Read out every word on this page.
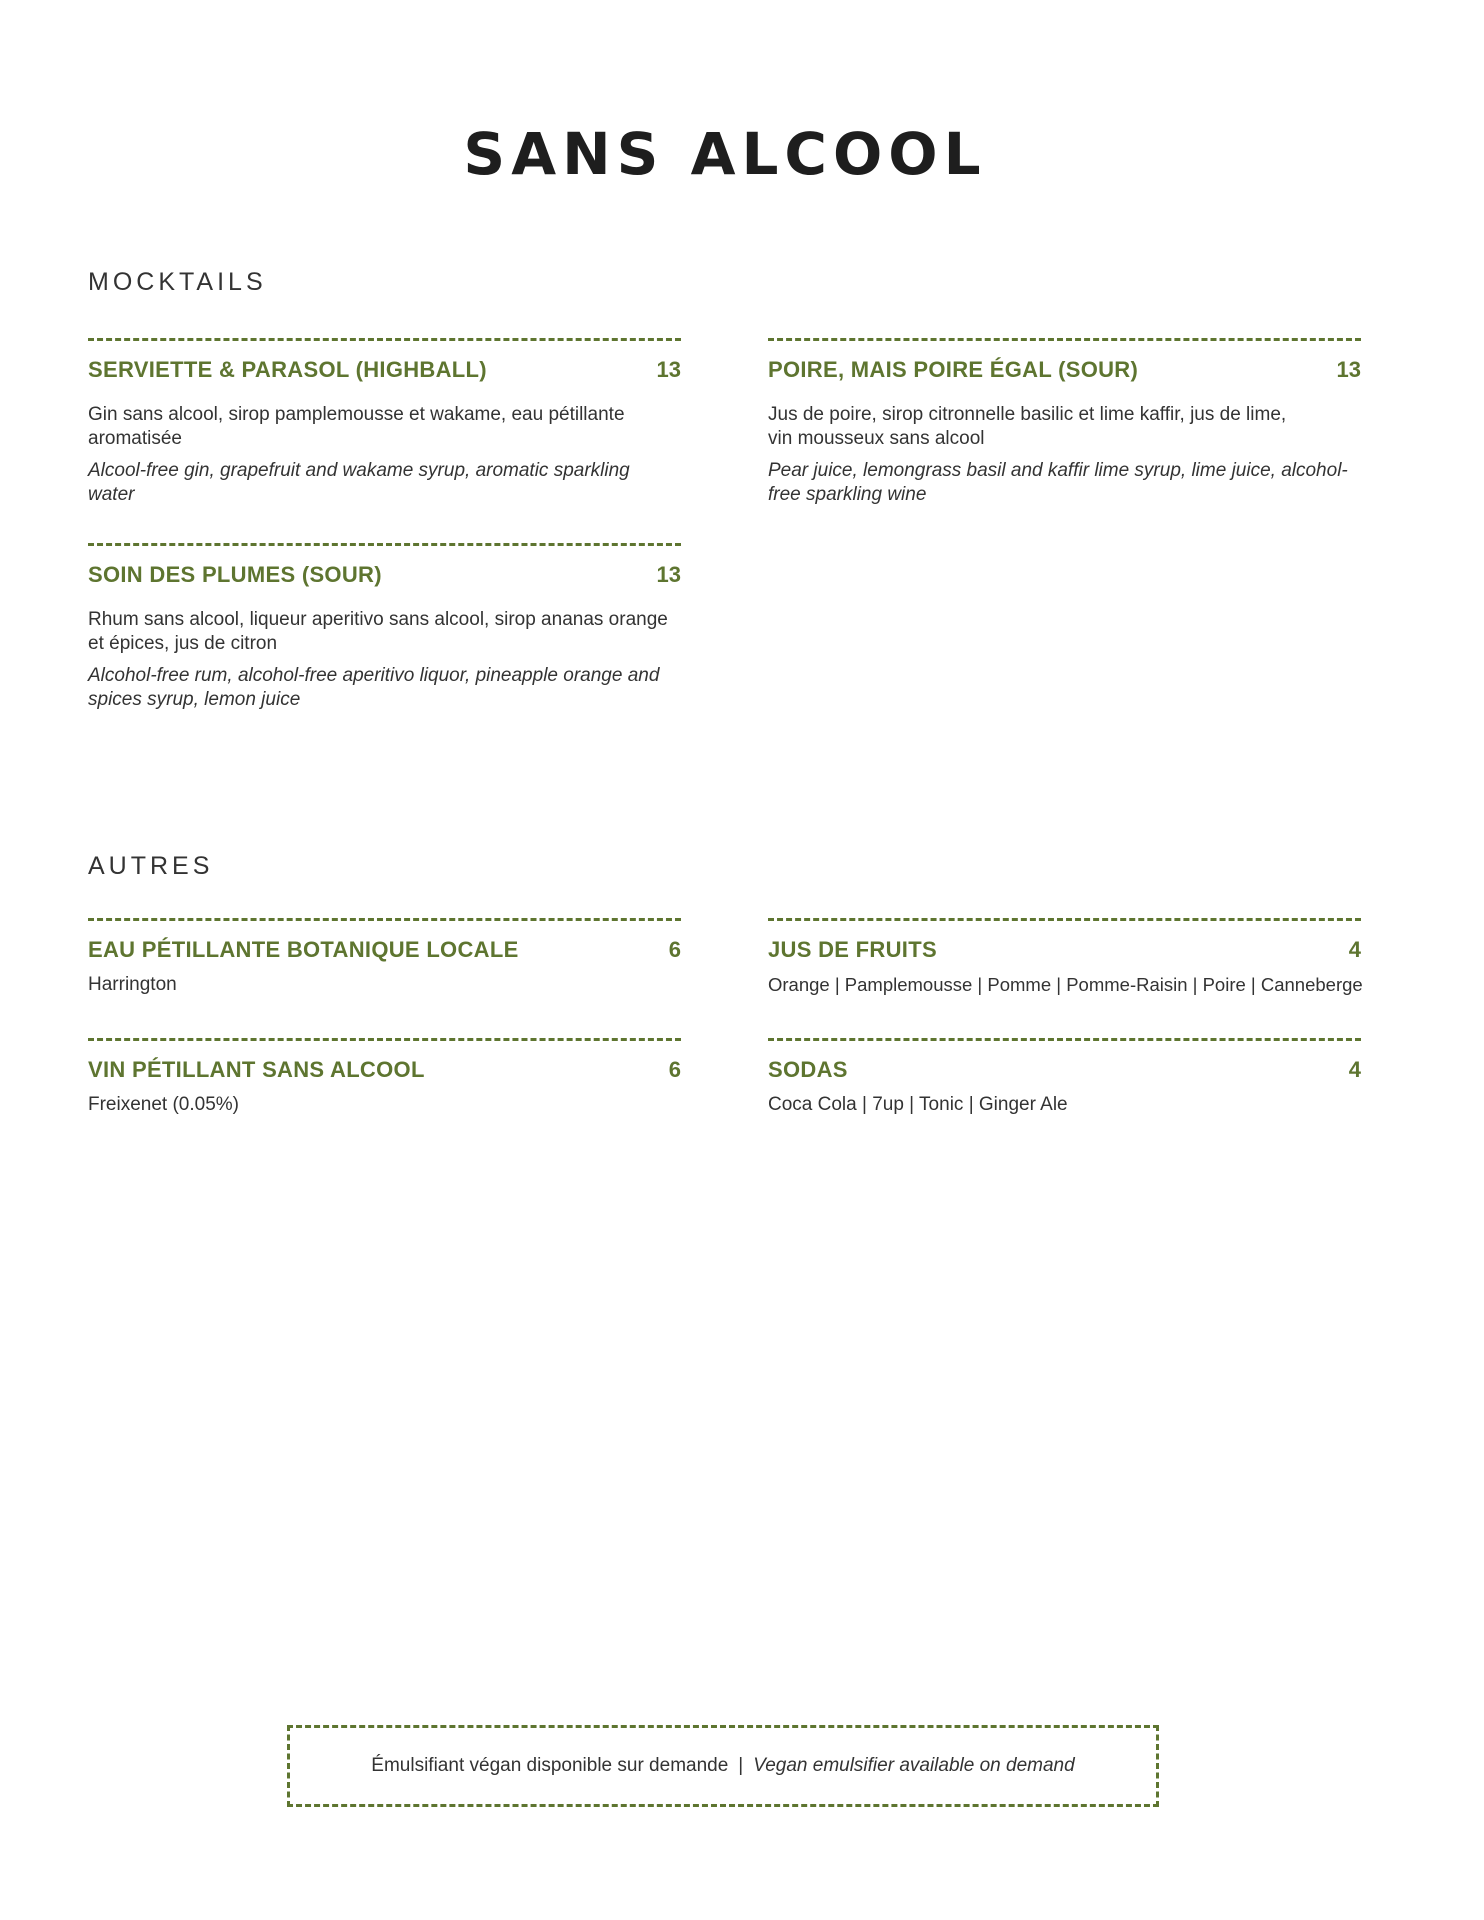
SANS ALCOOL
MOCKTAILS
SERVIETTE & PARASOL (HIGHBALL)	13
Gin sans alcool, sirop pamplemousse et wakame, eau pétillante aromatisée
Alcool-free gin, grapefruit and wakame syrup, aromatic sparkling water
POIRE, MAIS POIRE ÉGAL (SOUR)	13
Jus de poire, sirop citronnelle basilic et lime kaffir, jus de lime, vin mousseux sans alcool
Pear juice, lemongrass basil and kaffir lime syrup, lime juice, alcohol-free sparkling wine
SOIN DES PLUMES (SOUR)	13
Rhum sans alcool, liqueur aperitivo sans alcool, sirop ananas orange et épices, jus de citron
Alcohol-free rum, alcohol-free aperitivo liquor, pineapple orange and spices syrup, lemon juice
AUTRES
EAU PÉTILLANTE BOTANIQUE LOCALE	6
Harrington
JUS DE FRUITS	4
Orange | Pamplemousse | Pomme | Pomme-Raisin | Poire | Canneberge
VIN PÉTILLANT SANS ALCOOL	6
Freixenet (0.05%)
SODAS	4
Coca Cola | 7up | Tonic | Ginger Ale
Émulsifiant végan disponible sur demande | Vegan emulsifier available on demand
